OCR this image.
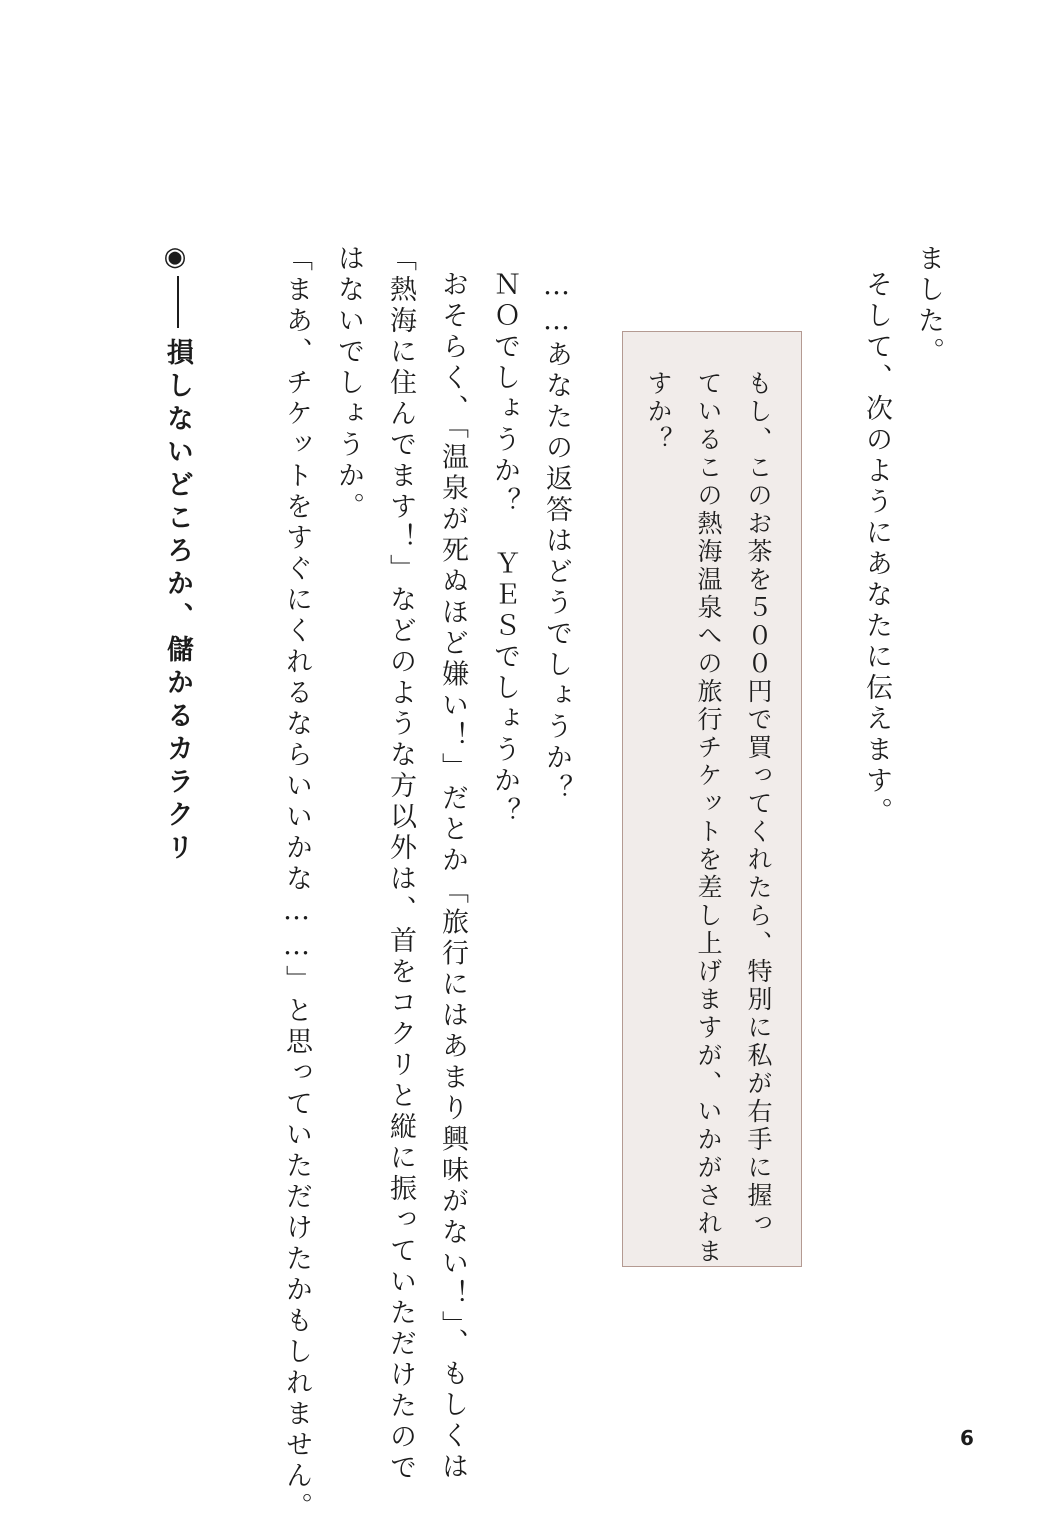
ました。

そして、次のようにあなたに伝えます。

もし、このお茶を５００円で買ってくれたら、特別に私が右手に握っ
ているこの熱海温泉への旅行チケットを差し上げますが、いかがされま
すか？

……あなたの返答はどうでしょうか？

ＮＯでしょうか？　ＹＥＳでしょうか？

おそらく、「温泉が死ぬほど嫌い！」だとか「旅行にはあまり興味がない！」、もしくは

「熱海に住んでます！」などのような方以外は、首をコクリと縦に振っていただけたので

はないでしょうか。

「まあ、チケットをすぐにくれるならいいかな……」と思っていただけたかもしれません。

◉
損しないどころか、儲かるカラクリ
6
